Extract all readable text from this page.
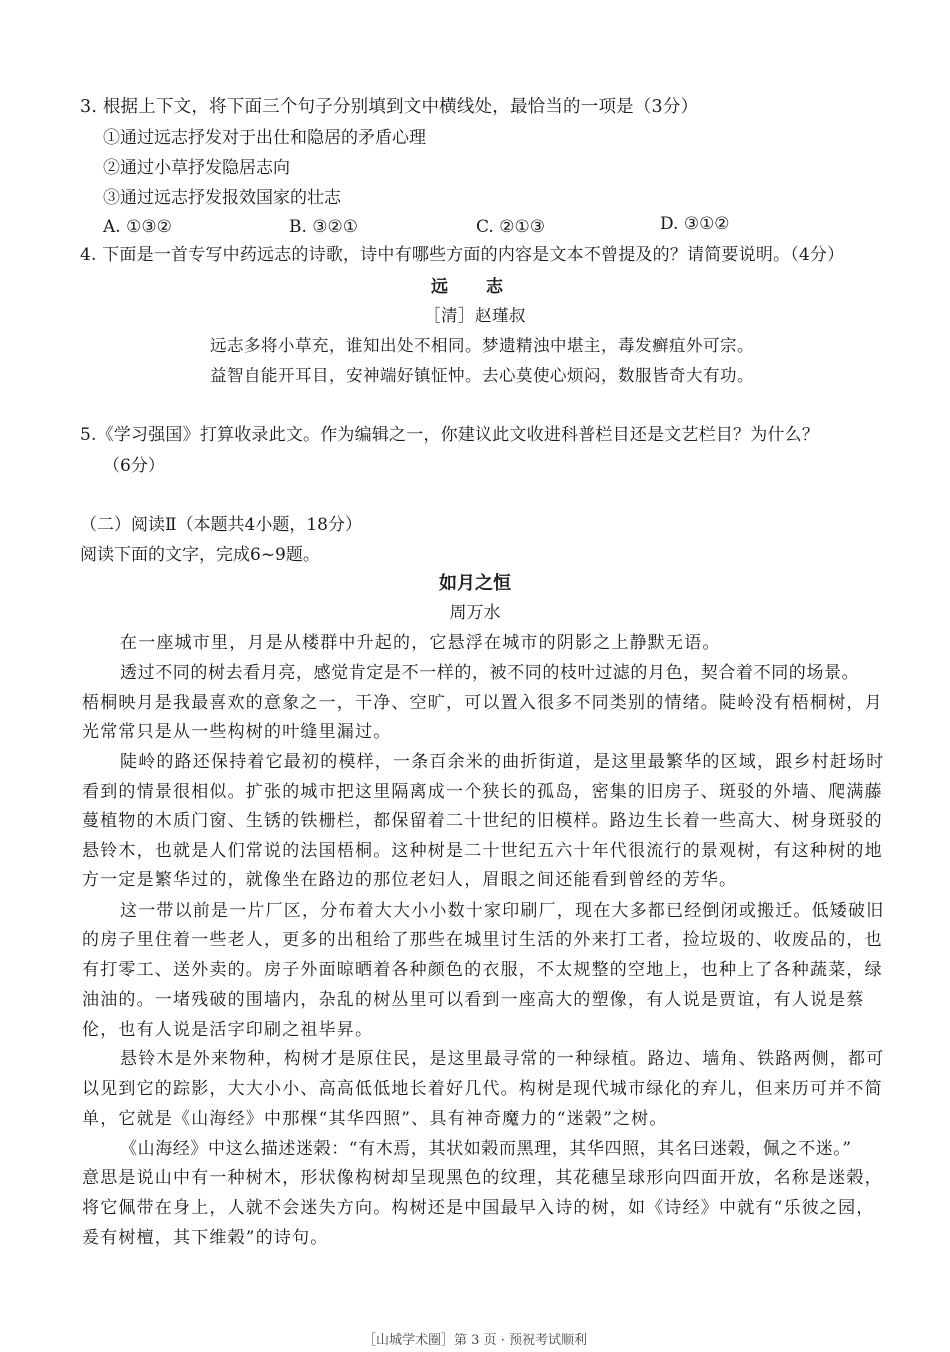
3. 根据上下文，将下面三个句子分别填到文中横线处，最恰当的一项是（3分）
①通过远志抒发对于出仕和隐居的矛盾心理
②通过小草抒发隐居志向
③通过远志抒发报效国家的壮志
A. ①③②	B. ③②①	C. ②①③	D. ③①②
4. 下面是一首专写中药远志的诗歌，诗中有哪些方面的内容是文本不曾提及的？请简要说明。（4分）
远 志
［清］赵瑾叔
远志多将小草充，谁知出处不相同。梦遗精浊中堪主，毒发癣疽外可宗。
益智自能开耳目，安神端好镇怔忡。去心莫使心烦闷，数服皆奇大有功。
5.《学习强国》打算收录此文。作为编辑之一，你建议此文收进科普栏目还是文艺栏目？为什么？
（6分）
（二）阅读Ⅱ（本题共4小题，18分）
阅读下面的文字，完成6~9题。
如月之恒
周万水
在一座城市里，月是从楼群中升起的，它悬浮在城市的阴影之上静默无语。
透过不同的树去看月亮，感觉肯定是不一样的，被不同的枝叶过滤的月色，契合着不同的场景。
梧桐映月是我最喜欢的意象之一，干净、空旷，可以置入很多不同类别的情绪。陡岭没有梧桐树，月
光常常只是从一些构树的叶缝里漏过。
陡岭的路还保持着它最初的模样，一条百余米的曲折街道，是这里最繁华的区域，跟乡村赶场时
看到的情景很相似。扩张的城市把这里隔离成一个狭长的孤岛，密集的旧房子、斑驳的外墙、爬满藤
蔓植物的木质门窗、生锈的铁栅栏，都保留着二十世纪的旧模样。路边生长着一些高大、树身斑驳的
悬铃木，也就是人们常说的法国梧桐。这种树是二十世纪五六十年代很流行的景观树，有这种树的地
方一定是繁华过的，就像坐在路边的那位老妇人，眉眼之间还能看到曾经的芳华。
这一带以前是一片厂区，分布着大大小小数十家印刷厂，现在大多都已经倒闭或搬迁。低矮破旧
的房子里住着一些老人，更多的出租给了那些在城里讨生活的外来打工者，捡垃圾的、收废品的，也
有打零工、送外卖的。房子外面晾晒着各种颜色的衣服，不太规整的空地上，也种上了各种蔬菜，绿
油油的。一堵残破的围墙内，杂乱的树丛里可以看到一座高大的塑像，有人说是贾谊，有人说是蔡
伦，也有人说是活字印刷之祖毕昇。
悬铃木是外来物种，构树才是原住民，是这里最寻常的一种绿植。路边、墙角、铁路两侧，都可
以见到它的踪影，大大小小、高高低低地长着好几代。构树是现代城市绿化的弃儿，但来历可并不简
单，它就是《山海经》中那棵“其华四照”、具有神奇魔力的“迷榖”之树。
《山海经》中这么描述迷榖：“有木焉，其状如榖而黑理，其华四照，其名曰迷榖，佩之不迷。”
意思是说山中有一种树木，形状像构树却呈现黑色的纹理，其花穗呈球形向四面开放，名称是迷榖，
将它佩带在身上，人就不会迷失方向。构树还是中国最早入诗的树，如《诗经》中就有“乐彼之园，
爰有树檀，其下维榖”的诗句。
［山城学术圈］第 3 页 · 预祝考试顺利
